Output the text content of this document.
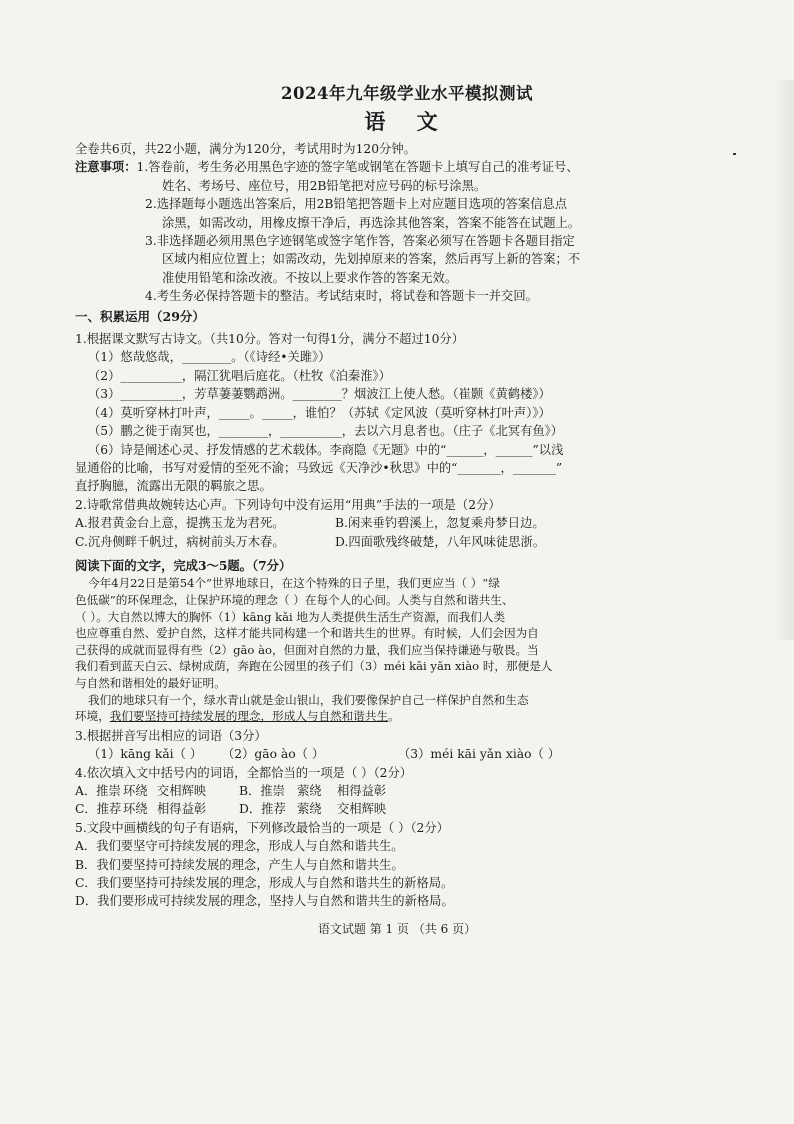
2024年九年级学业水平模拟测试
语 文
全卷共6页，共22小题，满分为120分，考试用时为120分钟。
注意事项：1.答卷前，考生务必用黑色字迹的签字笔或钢笔在答题卡上填写自己的准考证号、
姓名、考场号、座位号，用2B铅笔把对应号码的标号涂黑。
2.选择题每小题选出答案后，用2B铅笔把答题卡上对应题目选项的答案信息点
涂黑，如需改动，用橡皮擦干净后，再选涂其他答案，答案不能答在试题上。
3.非选择题必须用黑色字迹钢笔或签字笔作答，答案必须写在答题卡各题目指定
区域内相应位置上；如需改动，先划掉原来的答案，然后再写上新的答案；不
准使用铅笔和涂改液。不按以上要求作答的答案无效。
4.考生务必保持答题卡的整洁。考试结束时，将试卷和答题卡一并交回。
一、积累运用（29分）
1.根据课文默写古诗文。（共10分。答对一句得1分，满分不超过10分）
（1）悠哉悠哉，________。（《诗经•关雎》）
（2）__________，隔江犹唱后庭花。（杜牧《泊秦淮》）
（3）__________，芳草萋萋鹦鹉洲。________？烟波江上使人愁。（崔颢《黄鹤楼》）
（4）莫听穿林打叶声，_____。_____，谁怕？（苏轼《定风波（莫听穿林打叶声）》）
（5）鹏之徙于南冥也，________，__________，去以六月息者也。（庄子《北冥有鱼》）
（6）诗是阐述心灵、抒发情感的艺术载体。李商隐《无题》中的“______，______”以浅
显通俗的比喻，书写对爱情的至死不渝；马致远《天净沙•秋思》中的“_______，_______”
直抒胸臆，流露出无限的羁旅之思。
2.诗歌常借典故婉转达心声。下列诗句中没有运用“用典”手法的一项是（2分）
A.报君黄金台上意，提携玉龙为君死。	B.闲来垂钓碧溪上，忽复乘舟梦日边。
C.沉舟侧畔千帆过，病树前头万木春。	D.四面歌残终破楚，八年风味徒思浙。
阅读下面的文字，完成3～5题。（7分）
今年4月22日是第54个“世界地球日，在这个特殊的日子里，我们更应当（ ）“绿
色低碳”的环保理念，让保护环境的理念（ ）在每个人的心间。人类与自然和谐共生、
（ ）。大自然以博大的胸怀（1）kāng kǎi 地为人类提供生活生产资源，而我们人类
也应尊重自然、爱护自然，这样才能共同构建一个和谐共生的世界。有时候，人们会因为自
己获得的成就而显得有些（2）gāo ào，但面对自然的力量，我们应当保持谦逊与敬畏。当
我们看到蓝天白云、绿树成荫，奔跑在公园里的孩子们（3）méi kāi yǎn xiào 时，那便是人
与自然和谐相处的最好证明。
我们的地球只有一个，绿水青山就是金山银山，我们要像保护自己一样保护自然和生态
环境，我们要坚持可持续发展的理念，形成人与自然和谐共生。
3.根据拼音写出相应的词语（3分）
（1）kāng kǎi（ ） （2）gāo ào（ ）	（3）méi kāi yǎn xiào（ ）
4.依次填入文中括号内的词语，全都恰当的一项是（ ）（2分）
A．推崇 环绕 交相辉映	B．推崇 萦绕 相得益彰
C．推荐 环绕 相得益彰	D．推荐 萦绕 交相辉映
5.文段中画横线的句子有语病，下列修改最恰当的一项是（ ）（2分）
A．我们要坚守可持续发展的理念，形成人与自然和谐共生。
B．我们要坚持可持续发展的理念，产生人与自然和谐共生。
C．我们要坚持可持续发展的理念，形成人与自然和谐共生的新格局。
D．我们要形成可持续发展的理念，坚持人与自然和谐共生的新格局。
语文试题 第 1 页 （共 6 页）
